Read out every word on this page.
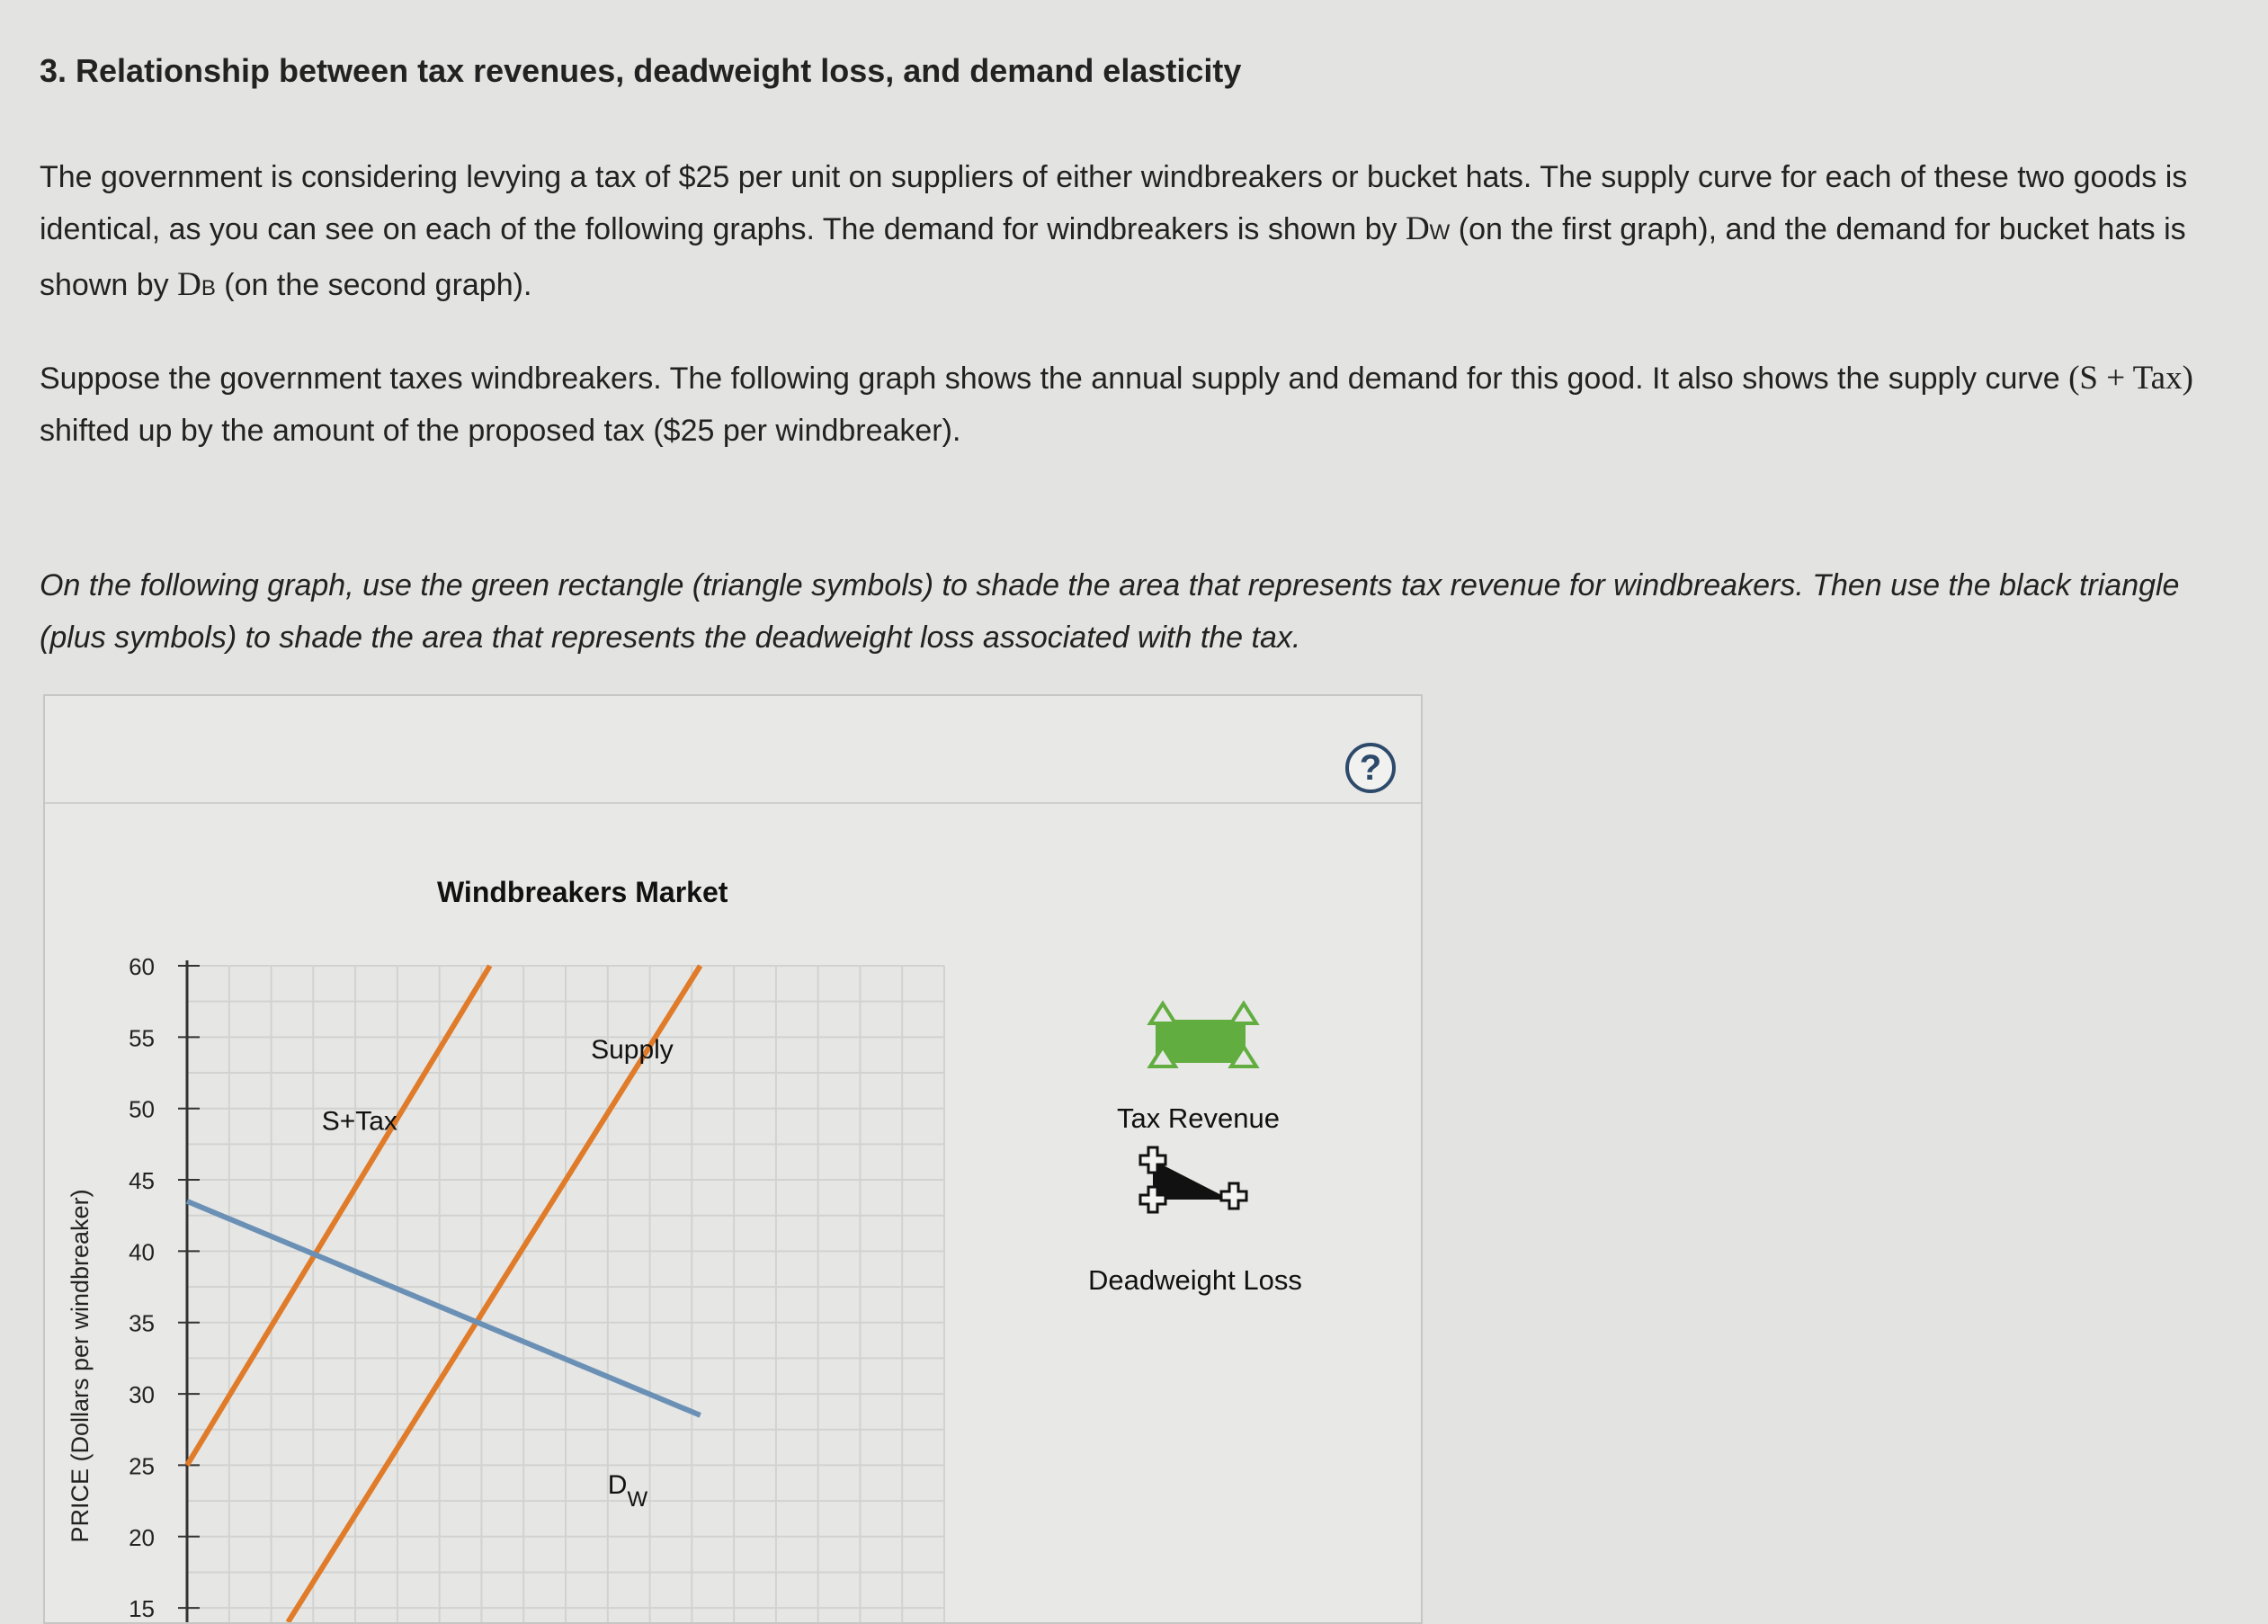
3. Relationship between tax revenues, deadweight loss, and demand elasticity
The government is considering levying a tax of $25 per unit on suppliers of either windbreakers or bucket hats. The supply curve for each of these two goods is identical, as you can see on each of the following graphs. The demand for windbreakers is shown by DW (on the first graph), and the demand for bucket hats is shown by DB (on the second graph).
Suppose the government taxes windbreakers. The following graph shows the annual supply and demand for this good. It also shows the supply curve (S + Tax) shifted up by the amount of the proposed tax ($25 per windbreaker).
On the following graph, use the green rectangle (triangle symbols) to shade the area that represents tax revenue for windbreakers. Then use the black triangle (plus symbols) to shade the area that represents the deadweight loss associated with the tax.
?
Windbreakers Market
15
20
25
30
35
40
45
50
55
60
PRICE (Dollars per windbreaker)
S+Tax
Supply
$D_W$
Tax Revenue
Deadweight Loss
